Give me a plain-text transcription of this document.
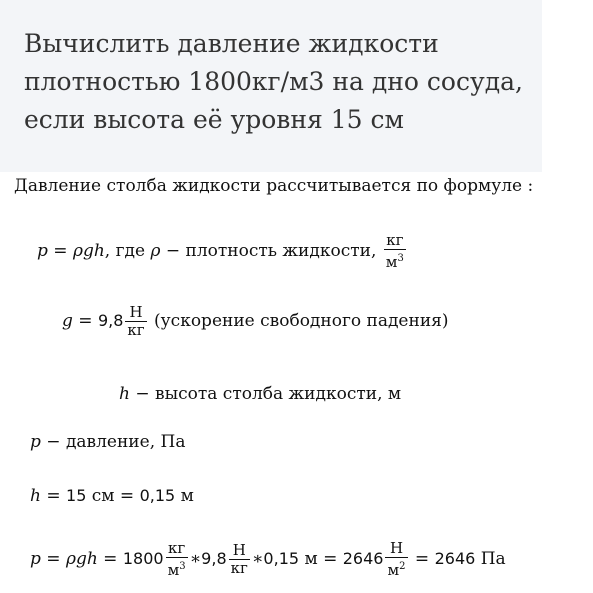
Вычислить давление жидкости
плотностью 1800кг/м3 на дно сосуда,
если высота её уровня 15 см
Давление столба жидкости рассчитывается по формуле :
p = ρgh, где ρ − плотность жидкости, $\frac{кг}{м^3}$
$g = 9,8 \frac{Н}{кг}$ (ускорение свободного падения)
h − высота столба жидкости, м
p − давление, Па
h = 15 см = 0,15 м
$p = \rho gh = 1800 \frac{кг}{м^3}$ ∗9,8 $\frac{Н}{кг}$ ∗0,15 $м = 2646 \frac{Н}{м^2} = 2646$ Па
